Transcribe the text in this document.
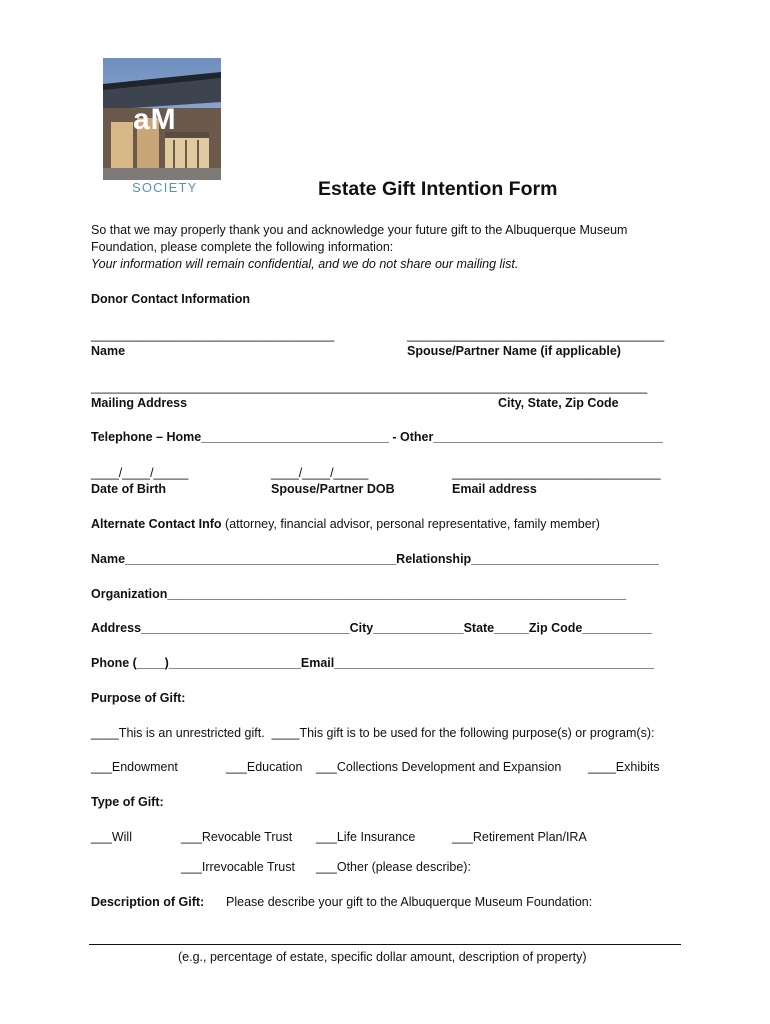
aM
SOCIETY	Estate Gift Intention Form
So that we may properly thank you and acknowledge your future gift to the Albuquerque Museum
Foundation, please complete the following information:
Your information will remain confidential, and we do not share our mailing list.
Donor Contact Information
___________________________________
Name
_____________________________________
Spouse/Partner Name (if applicable)
________________________________________________________________________________
Mailing Address	City, State, Zip Code
Telephone – Home___________________________ - Other_________________________________
____/____/_____
Date of Birth
____/____/_____
Spouse/Partner DOB
______________________________
Email address
Alternate Contact Info (attorney, financial advisor, personal representative, family member)
Name_______________________________________Relationship___________________________
Organization__________________________________________________________________
Address______________________________City_____________State_____Zip Code__________
Phone (____)___________________Email______________________________________________
Purpose of Gift:
____This is an unrestricted gift.  ____This gift is to be used for the following purpose(s) or program(s):
___Endowment	___Education ___Collections Development and Expansion ____Exhibits
Type of Gift:
___Will	___Revocable Trust ___Life Insurance	___Retirement Plan/IRA
___Irrevocable Trust ___Other (please describe):
Description of Gift: Please describe your gift to the Albuquerque Museum Foundation:
(e.g., percentage of estate, specific dollar amount, description of property)
